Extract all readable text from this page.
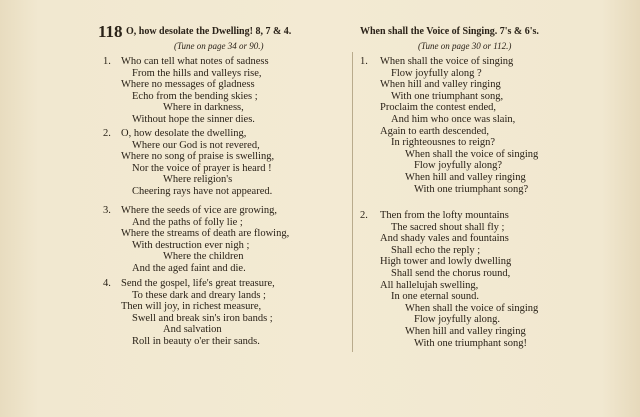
118 O, how desolate the Dwelling! 8, 7 & 4.	When shall the Voice of Singing. 7's & 6's.
(Tune on page 34 or 90.)	(Tune on page 30 or 112.)
1. Who can tell what notes of sadness
From the hills and valleys rise,
Where no messages of gladness
Echo from the bending skies ;
Where in darkness,
Without hope the sinner dies.
2. O, how desolate the dwelling,
Where our God is not revered,
Where no song of praise is swelling,
Nor the voice of prayer is heard !
Where religion's
Cheering rays have not appeared.
3. Where the seeds of vice are growing,
And the paths of folly lie ;
Where the streams of death are flowing,
With destruction ever nigh ;
Where the children
And the aged faint and die.
4. Send the gospel, life's great treasure,
To these dark and dreary lands ;
Then will joy, in richest measure,
Swell and break sin's iron bands ;
And salvation
Roll in beauty o'er their sands.
1. When shall the voice of singing
Flow joyfully along ?
When hill and valley ringing
With one triumphant song,
Proclaim the contest ended,
And him who once was slain,
Again to earth descended,
In righteousnes to reign?
When shall the voice of singing
Flow joyfully along?
When hill and valley ringing
With one triumphant song?
2. Then from the lofty mountains
The sacred shout shall fly ;
And shady vales and fountains
Shall echo the reply ;
High tower and lowly dwelling
Shall send the chorus round,
All hallelujah swelling,
In one eternal sound.
When shall the voice of singing
Flow joyfully along.
When hill and valley ringing
With one triumphant song!
